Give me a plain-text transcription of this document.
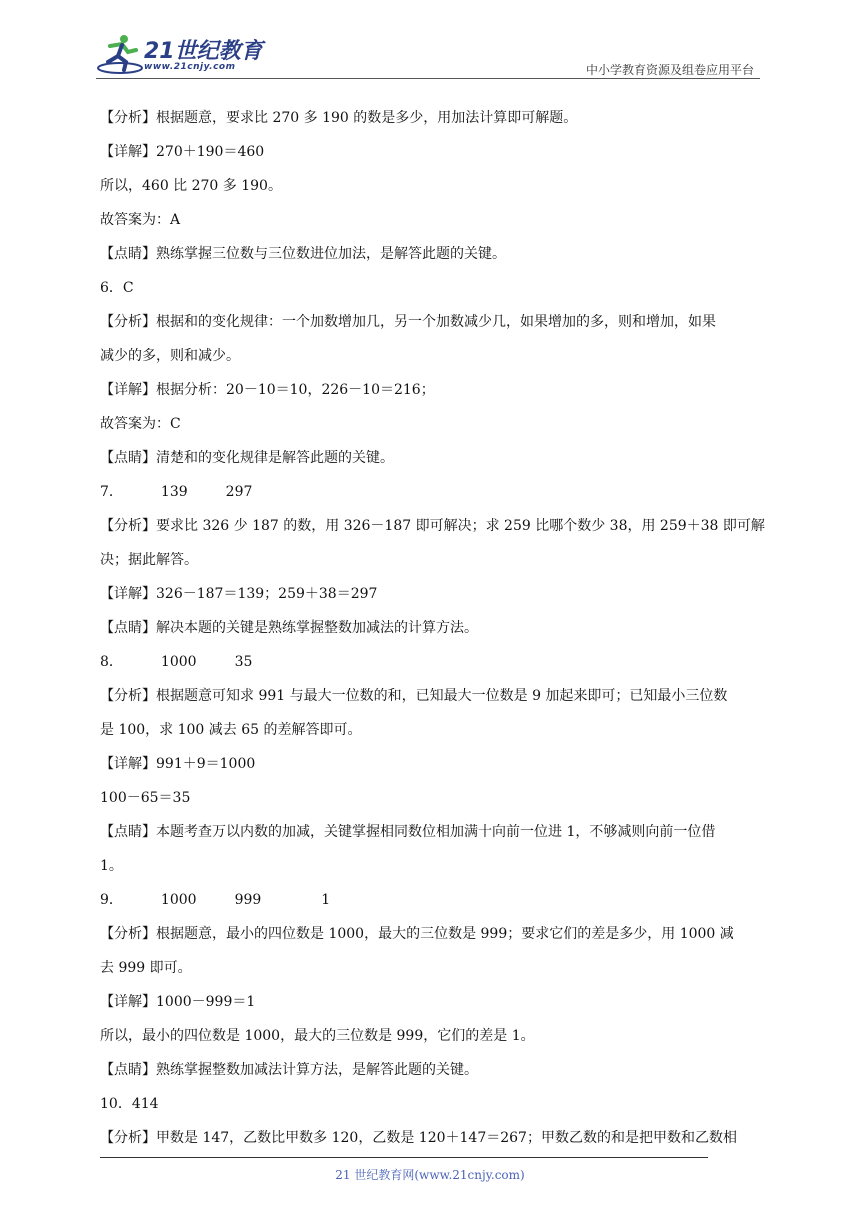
21世纪教育
www.21cnjy.com	中小学教育资源及组卷应用平台
【分析】根据题意，要求比 270 多 190 的数是多少，用加法计算即可解题。
【详解】270＋190＝460
所以，460 比 270 多 190。
故答案为：A
【点睛】熟练掌握三位数与三位数进位加法，是解答此题的关键。
6．C
【分析】根据和的变化规律：一个加数增加几，另一个加数减少几，如果增加的多，则和增加，如果
减少的多，则和减少。
【详解】根据分析：20－10＝10，226－10＝216；
故答案为：C
【点睛】清楚和的变化规律是解答此题的关键。
7．	139	297
【分析】要求比 326 少 187 的数，用 326－187 即可解决；求 259 比哪个数少 38，用 259＋38 即可解
决；据此解答。
【详解】326－187＝139；259＋38＝297
【点睛】解决本题的关键是熟练掌握整数加减法的计算方法。
8．	1000	35
【分析】根据题意可知求 991 与最大一位数的和，已知最大一位数是 9 加起来即可；已知最小三位数
是 100，求 100 减去 65 的差解答即可。
【详解】991＋9＝1000
100－65＝35
【点睛】本题考查万以内数的加减，关键掌握相同数位相加满十向前一位进 1，不够减则向前一位借
1。
9．	1000	999	1
【分析】根据题意，最小的四位数是 1000，最大的三位数是 999；要求它们的差是多少，用 1000 减
去 999 即可。
【详解】1000－999＝1
所以，最小的四位数是 1000，最大的三位数是 999，它们的差是 1。
【点睛】熟练掌握整数加减法计算方法，是解答此题的关键。
10．414
【分析】甲数是 147，乙数比甲数多 120，乙数是 120＋147＝267；甲数乙数的和是把甲数和乙数相
21 世纪教育网(www.21cnjy.com)
